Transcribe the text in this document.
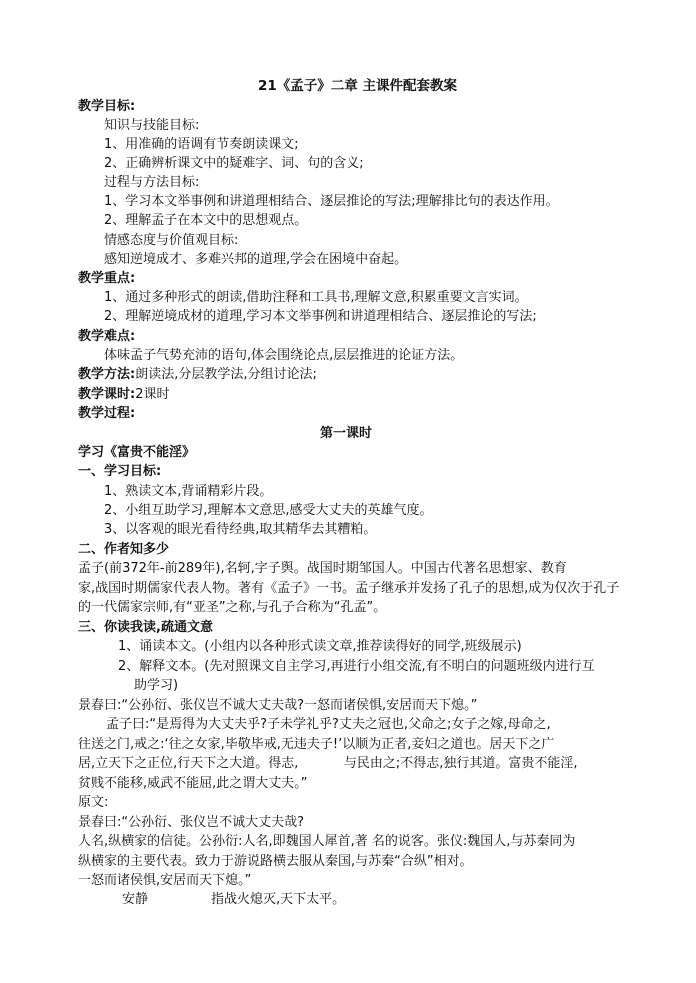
21《孟子》二章 主课件配套教案
教学目标:
知识与技能目标:
1、用准确的语调有节奏朗读课文;
2、正确辨析课文中的疑难字、词、句的含义;
过程与方法目标:
1、学习本文举事例和讲道理相结合、逐层推论的写法;理解排比句的表达作用。
2、理解孟子在本文中的思想观点。
情感态度与价值观目标:
感知逆境成才、多难兴邦的道理,学会在困境中奋起。
教学重点:
1、通过多种形式的朗读,借助注释和工具书,理解文意,积累重要文言实词。
2、理解逆境成材的道理,学习本文举事例和讲道理相结合、逐层推论的写法;
教学难点:
体味孟子气势充沛的语句,体会围绕论点,层层推进的论证方法。
教学方法:朗读法,分层教学法,分组讨论法;
教学课时:2课时
教学过程:
第一课时
学习《富贵不能淫》
一、学习目标:
1、熟读文本,背诵精彩片段。
2、小组互助学习,理解本文意思,感受大丈夫的英雄气度。
3、以客观的眼光看待经典,取其精华去其糟粕。
二、作者知多少
孟子(前372年-前289年),名轲,字子舆。战国时期邹国人。中国古代著名思想家、教育
家,战国时期儒家代表人物。著有《孟子》一书。孟子继承并发扬了孔子的思想,成为仅次于孔子
的一代儒家宗师,有“亚圣”之称,与孔子合称为“孔孟”。
三、你读我读,疏通文意
1、诵读本文。(小组内以各种形式读文章,推荐读得好的同学,班级展示)
2、解释文本。(先对照课文自主学习,再进行小组交流,有不明白的问题班级内进行互
助学习)
景春曰:“公孙衍、张仪岂不诚大丈夫哉?一怒而诸侯惧,安居而天下熄。”
孟子曰:“是焉得为大丈夫乎?子未学礼乎?丈夫之冠也,父命之;女子之嫁,母命之,
往送之门,戒之:‘往之女家,毕敬毕戒,无违夫子!’以顺为正者,妾妇之道也。居天下之广
居,立天下之正位,行天下之大道。得志,           与民由之;不得志,独行其道。富贵不能淫,
贫贱不能移,威武不能屈,此之谓大丈夫。”
原文:
景春曰:“公孙衍、张仪岂不诚大丈夫哉?
人名,纵横家的信徒。公孙衍:人名,即魏国人犀首,著 名的说客。张仪:魏国人,与苏秦同为
纵横家的主要代表。致力于游说路横去服从秦国,与苏秦“合纵”相对。
一怒而诸侯惧,安居而天下熄。”
安静	指战火熄灭,天下太平。
